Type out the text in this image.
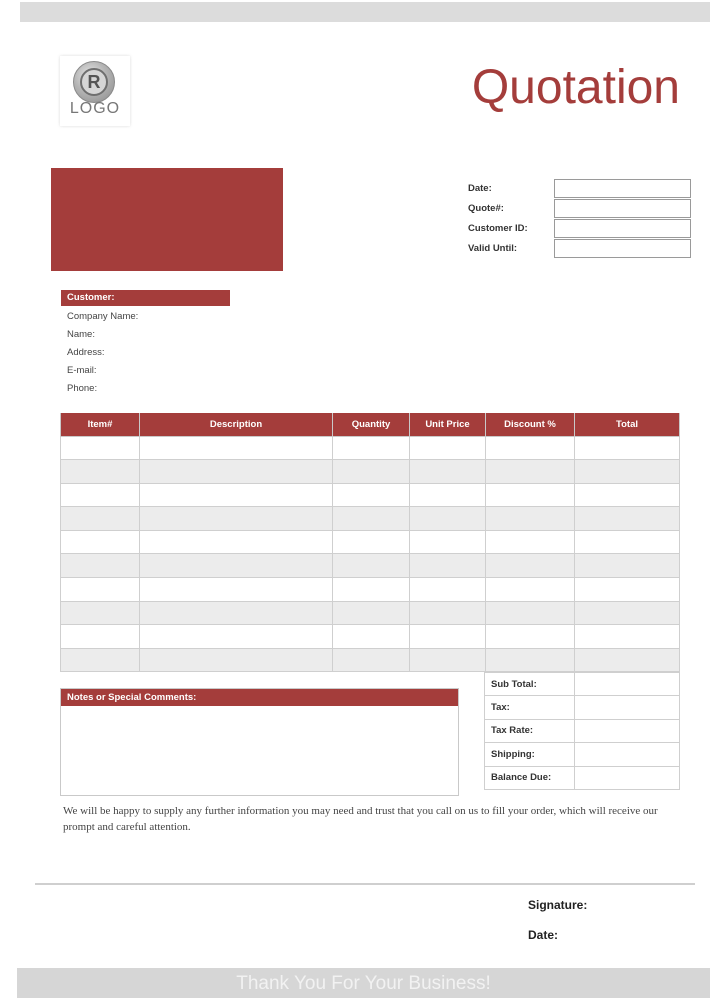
R
LOGO	Quotation
Date:
Quote#:
Customer ID:
Valid Until:
Customer:
Company Name:
Name:
Address:
E-mail:
Phone:
Item#	Description	Quantity	Unit Price	Discount %	Total

Sub Total:	
Tax:	
Tax Rate:	
Shipping:	
Balance Due:	
Notes or Special Comments:
We will be happy to supply any further information you may need and trust that you call on us to fill your order, which will receive our prompt and careful attention.
Signature:
Date:
Thank You For Your Business!
